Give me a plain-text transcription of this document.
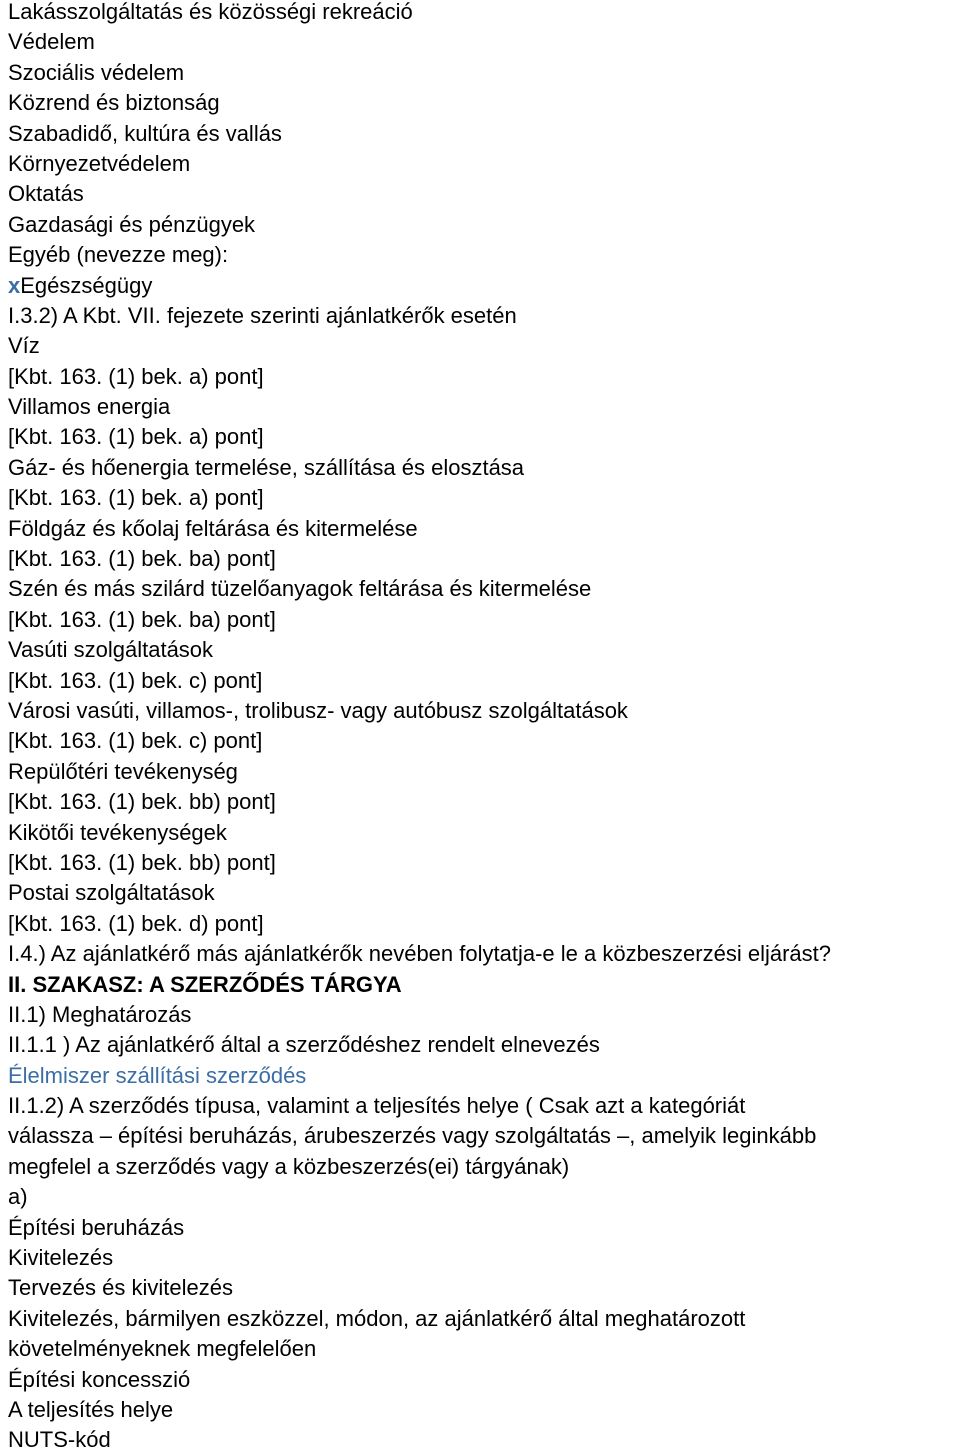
Lakásszolgáltatás és közösségi rekreáció
Védelem
Szociális védelem
Közrend és biztonság
Szabadidő, kultúra és vallás
Környezetvédelem
Oktatás
Gazdasági és pénzügyek
Egyéb (nevezze meg):
xEgészségügy
I.3.2) A Kbt. VII. fejezete szerinti ajánlatkérők esetén
Víz
[Kbt. 163. (1) bek. a) pont]
Villamos energia
[Kbt. 163. (1) bek. a) pont]
Gáz- és hőenergia termelése, szállítása és elosztása
[Kbt. 163. (1) bek. a) pont]
Földgáz és kőolaj feltárása és kitermelése
[Kbt. 163. (1) bek. ba) pont]
Szén és más szilárd tüzelőanyagok feltárása és kitermelése
[Kbt. 163. (1) bek. ba) pont]
Vasúti szolgáltatások
[Kbt. 163. (1) bek. c) pont]
Városi vasúti, villamos-, trolibusz- vagy autóbusz szolgáltatások
[Kbt. 163. (1) bek. c) pont]
Repülőtéri tevékenység
[Kbt. 163. (1) bek. bb) pont]
Kikötői tevékenységek
[Kbt. 163. (1) bek. bb) pont]
Postai szolgáltatások
[Kbt. 163. (1) bek. d) pont]
I.4.) Az ajánlatkérő más ajánlatkérők nevében folytatja-e le a közbeszerzési eljárást?
II. SZAKASZ: A SZERZŐDÉS TÁRGYA
II.1) Meghatározás
II.1.1 ) Az ajánlatkérő által a szerződéshez rendelt elnevezés
Élelmiszer szállítási szerződés
II.1.2) A szerződés típusa, valamint a teljesítés helye ( Csak azt a kategóriát
válassza – építési beruházás, árubeszerzés vagy szolgáltatás –, amelyik leginkább
megfelel a szerződés vagy a közbeszerzés(ei) tárgyának)
a)
Építési beruházás
Kivitelezés
Tervezés és kivitelezés
Kivitelezés, bármilyen eszközzel, módon, az ajánlatkérő által meghatározott
követelményeknek megfelelően
Építési koncesszió
A teljesítés helye
NUTS-kód
